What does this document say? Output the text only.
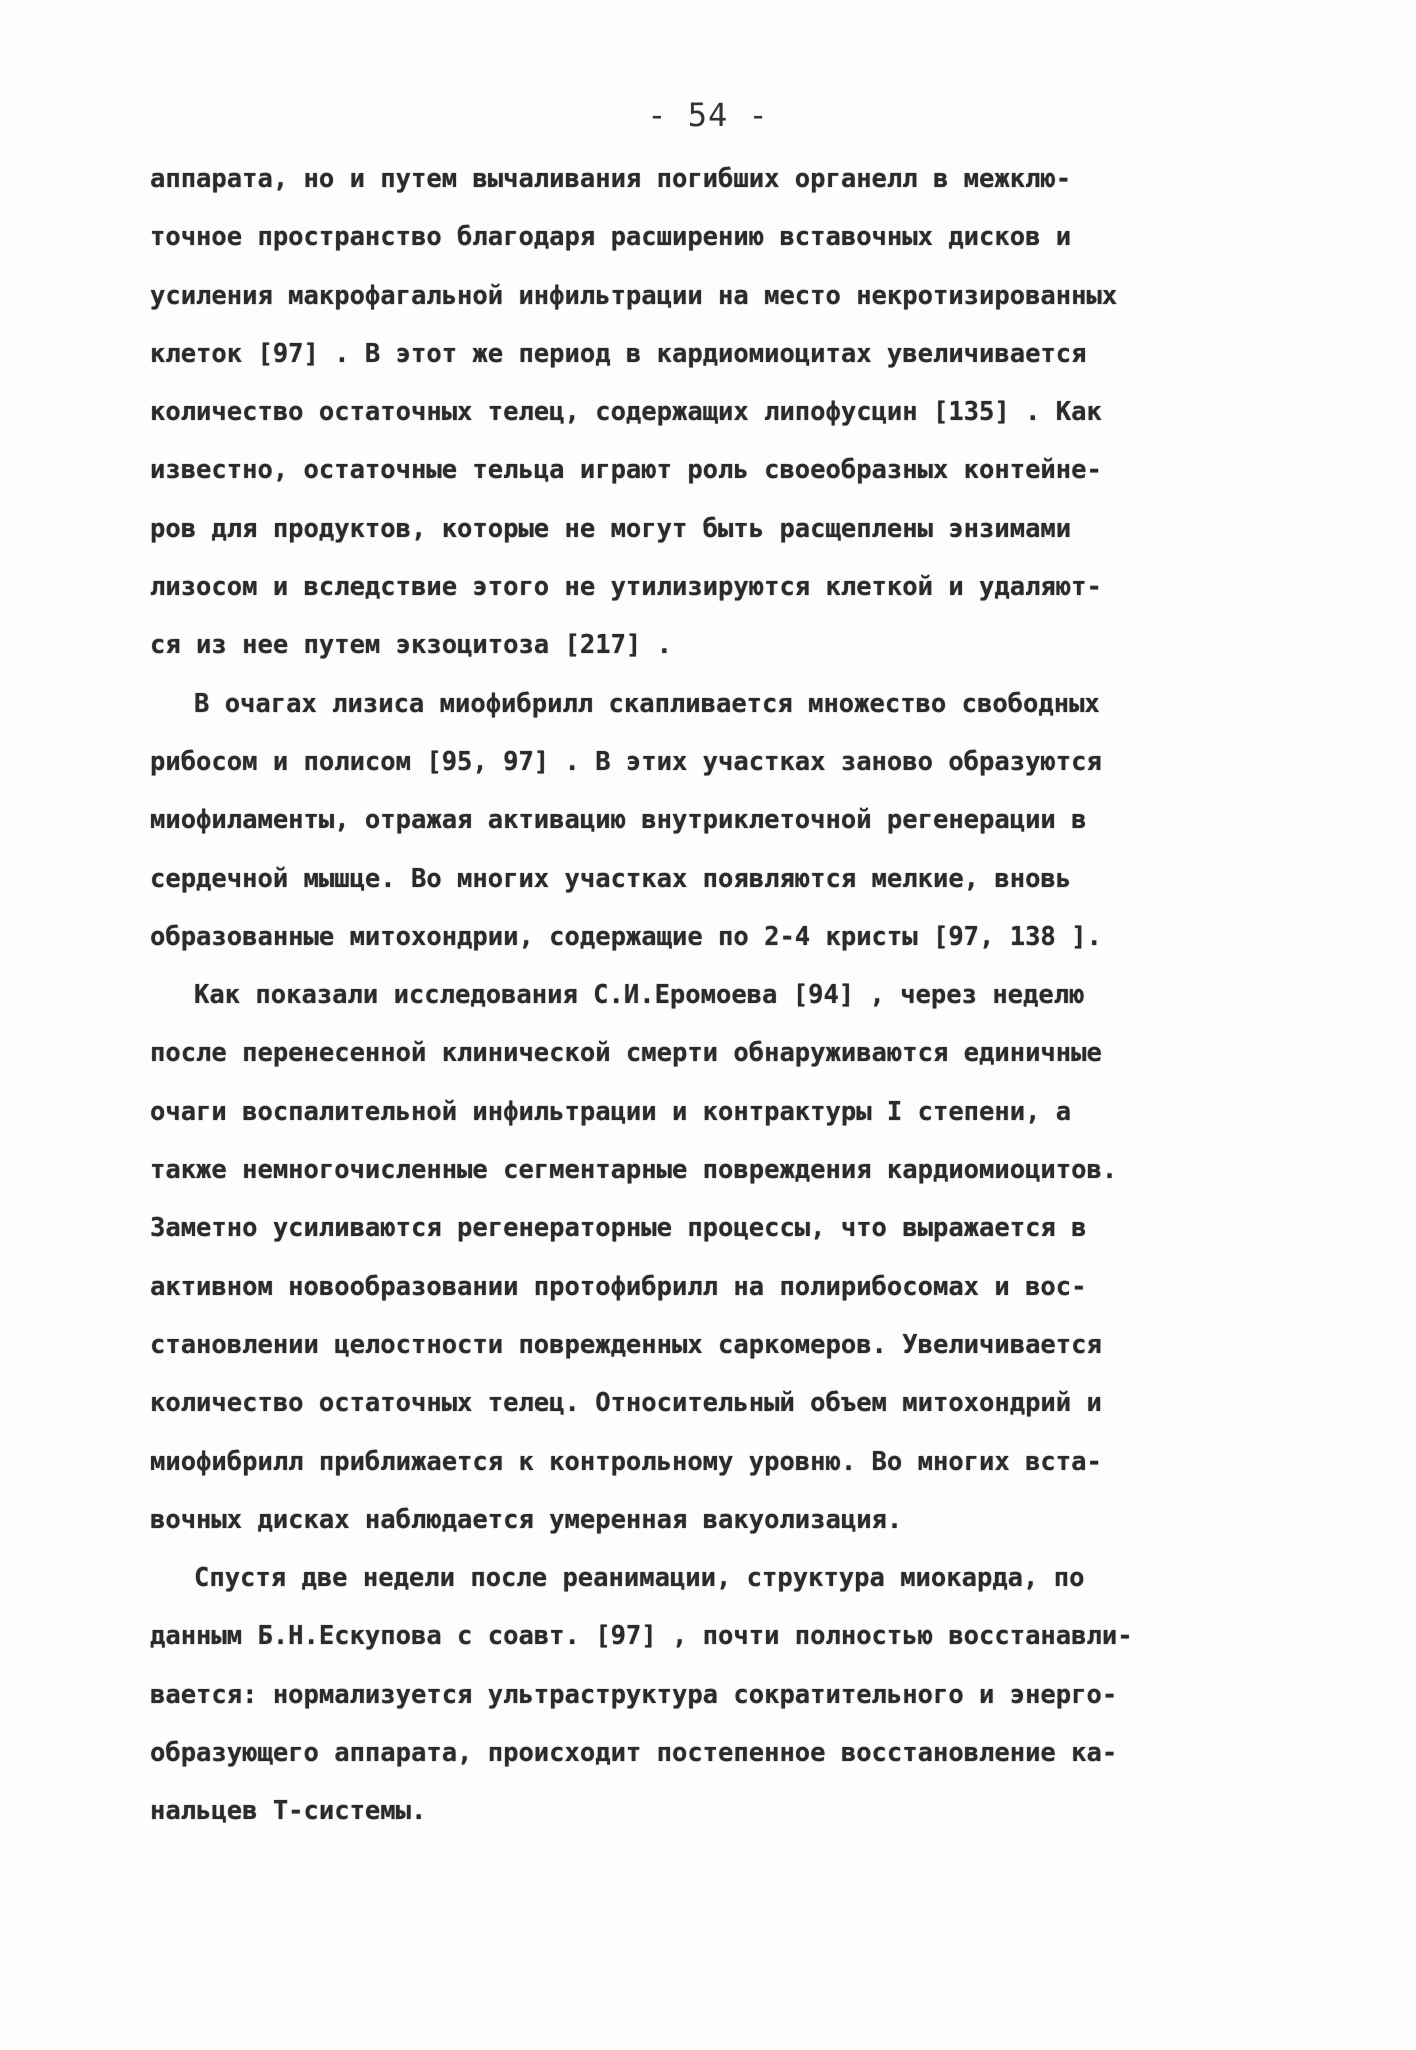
- 54 -
аппарата, но и путем вычаливания погибших органелл в межклю-
точное пространство благодаря расширению вставочных дисков и
усиления макрофагальной инфильтрации на место некротизированных
клеток [97] . В этот же период в кардиомиоцитах увеличивается
количество остаточных телец, содержащих липофусцин [135] . Как
известно, остаточные тельца играют роль своеобразных контейне-
ров для продуктов, которые не могут быть расщеплены энзимами
лизосом и вследствие этого не утилизируются клеткой и удаляют-
ся из нее путем экзоцитоза [217] .
В очагах лизиса миофибрилл скапливается множество свободных
рибосом и полисом [95, 97] . В этих участках заново образуются
миофиламенты, отражая активацию внутриклеточной регенерации в
сердечной мышце. Во многих участках появляются мелкие, вновь
образованные митохондрии, содержащие по 2-4 кристы [97, 138 ].
Как показали исследования С.И.Еромоева [94] , через неделю
после перенесенной клинической смерти обнаруживаются единичные
очаги воспалительной инфильтрации и контрактуры I степени, а
также немногочисленные сегментарные повреждения кардиомиоцитов.
Заметно усиливаются регенераторные процессы, что выражается в
активном новообразовании протофибрилл на полирибосомах и вос-
становлении целостности поврежденных саркомеров. Увеличивается
количество остаточных телец. Относительный объем митохондрий и
миофибрилл приближается к контрольному уровню. Во многих вста-
вочных дисках наблюдается умеренная вакуолизация.
Спустя две недели после реанимации, структура миокарда, по
данным Б.Н.Ескупова с соавт. [97] , почти полностью восстанавли-
вается: нормализуется ультраструктура сократительного и энерго-
образующего аппарата, происходит постепенное восстановление ка-
нальцев Т-системы.
